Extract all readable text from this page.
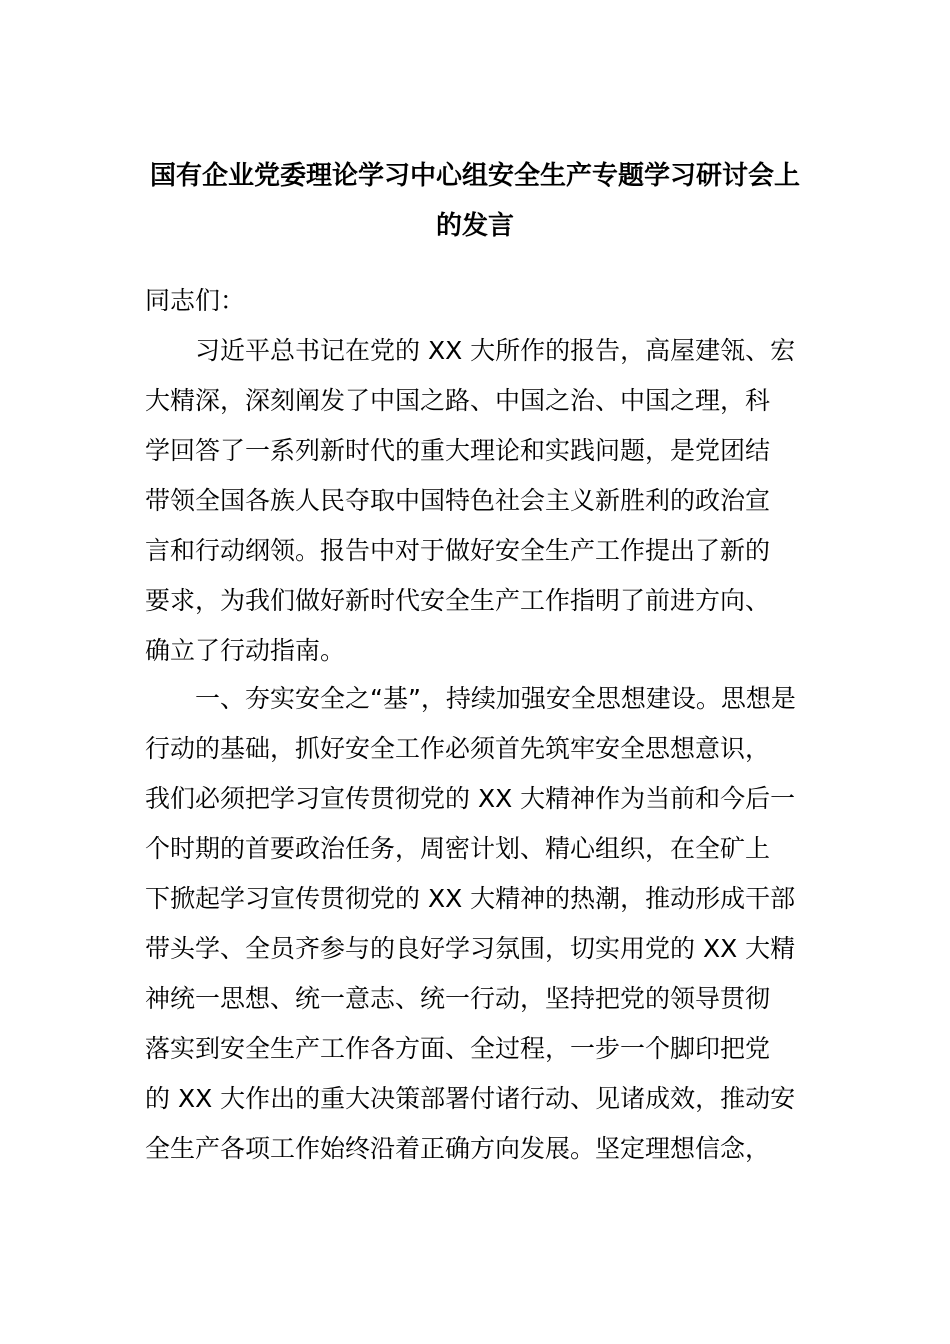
国有企业党委理论学习中心组安全生产专题学习研讨会上
的发言
同志们：
习近平总书记在党的 XX 大所作的报告，高屋建瓴、宏
大精深，深刻阐发了中国之路、中国之治、中国之理，科
学回答了一系列新时代的重大理论和实践问题，是党团结
带领全国各族人民夺取中国特色社会主义新胜利的政治宣
言和行动纲领。报告中对于做好安全生产工作提出了新的
要求，为我们做好新时代安全生产工作指明了前进方向、
确立了行动指南。
一、夯实安全之“基”，持续加强安全思想建设。思想是
行动的基础，抓好安全工作必须首先筑牢安全思想意识，
我们必须把学习宣传贯彻党的 XX 大精神作为当前和今后一
个时期的首要政治任务，周密计划、精心组织，在全矿上
下掀起学习宣传贯彻党的 XX 大精神的热潮，推动形成干部
带头学、全员齐参与的良好学习氛围，切实用党的 XX 大精
神统一思想、统一意志、统一行动，坚持把党的领导贯彻
落实到安全生产工作各方面、全过程，一步一个脚印把党
的 XX 大作出的重大决策部署付诸行动、见诸成效，推动安
全生产各项工作始终沿着正确方向发展。坚定理想信念，
